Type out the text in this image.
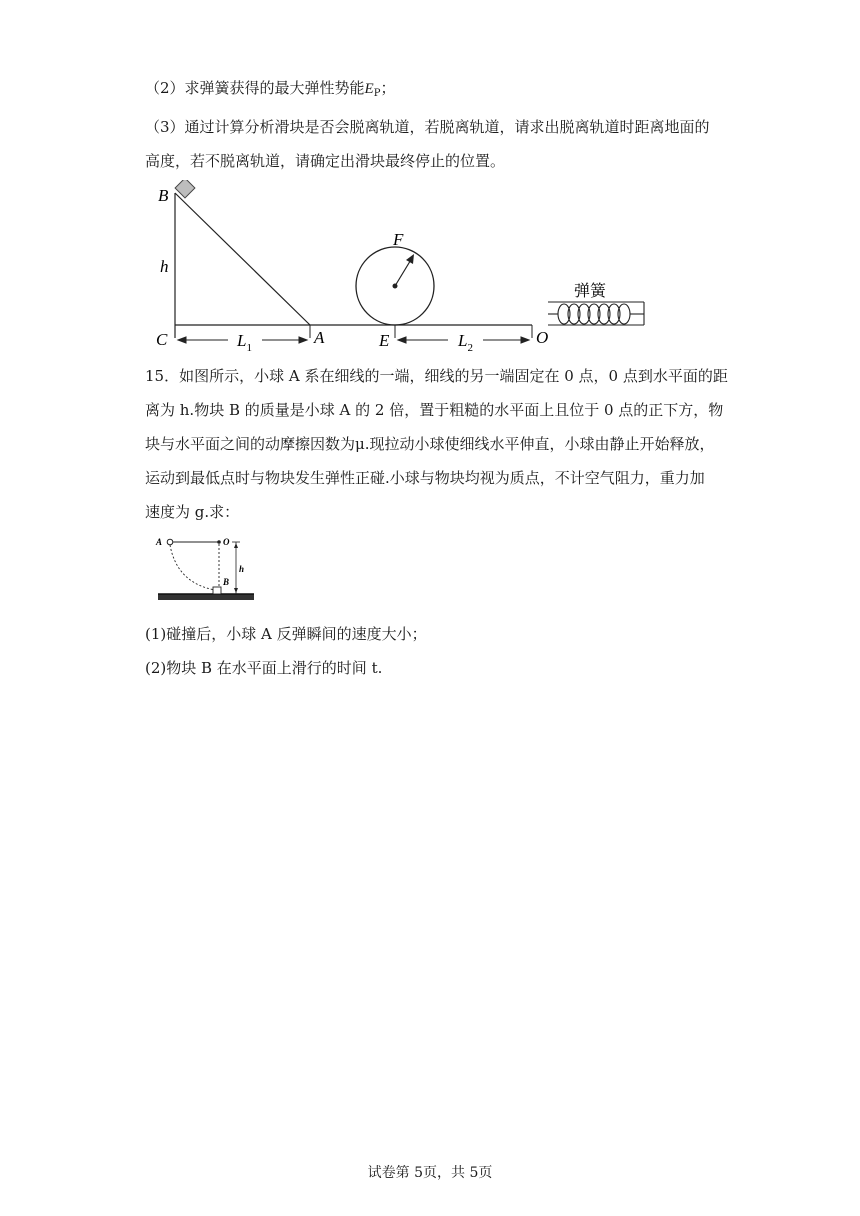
（2）求弹簧获得的最大弹性势能$E_P$；
（3）通过计算分析滑块是否会脱离轨道，若脱离轨道，请求出脱离轨道时距离地面的
高度，若不脱离轨道，请确定出滑块最终停止的位置。
B
h
C	$L_1$
A
F
E	$L_2$
O
弹簧
15．如图所示，小球 A 系在细线的一端，细线的另一端固定在 0 点，0 点到水平面的距
离为 h.物块 B 的质量是小球 A 的 2 倍，置于粗糙的水平面上且位于 0 点的正下方，物
块与水平面之间的动摩擦因数为μ.现拉动小球使细线水平伸直，小球由静止开始释放，
运动到最低点时与物块发生弹性正碰.小球与物块均视为质点，不计空气阻力，重力加
速度为 g.求：
A	O
h
B
(1)碰撞后，小球 A 反弹瞬间的速度大小；
(2)物块 B 在水平面上滑行的时间 t.
试卷第 5页，共 5页
